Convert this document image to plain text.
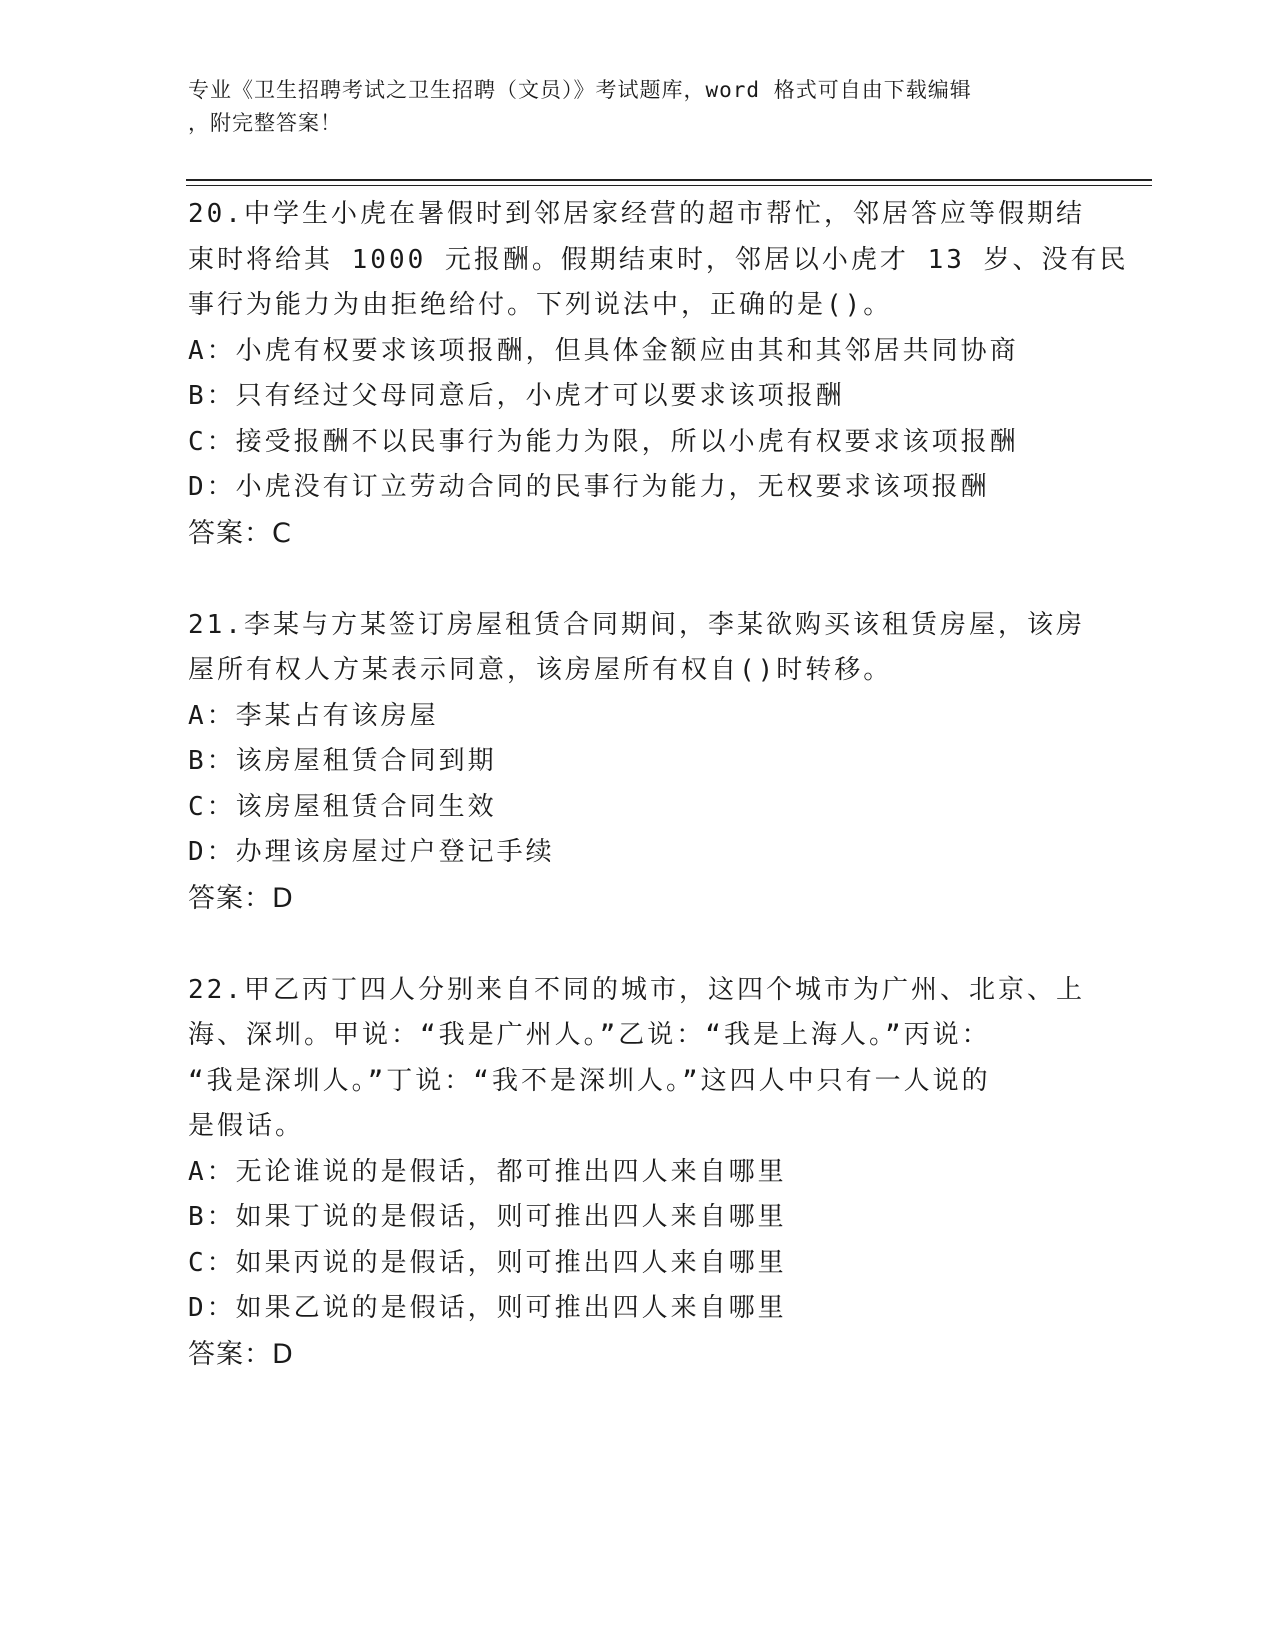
专业《卫生招聘考试之卫生招聘（文员）》考试题库，word 格式可自由下载编辑
，附完整答案！
20.中学生小虎在暑假时到邻居家经营的超市帮忙，邻居答应等假期结
束时将给其 1000 元报酬。假期结束时，邻居以小虎才 13 岁、没有民
事行为能力为由拒绝给付。下列说法中，正确的是()。
A：小虎有权要求该项报酬，但具体金额应由其和其邻居共同协商
B：只有经过父母同意后，小虎才可以要求该项报酬
C：接受报酬不以民事行为能力为限，所以小虎有权要求该项报酬
D：小虎没有订立劳动合同的民事行为能力，无权要求该项报酬
答案：C
21.李某与方某签订房屋租赁合同期间，李某欲购买该租赁房屋，该房
屋所有权人方某表示同意，该房屋所有权自()时转移。
A：李某占有该房屋
B：该房屋租赁合同到期
C：该房屋租赁合同生效
D：办理该房屋过户登记手续
答案：D
22.甲乙丙丁四人分别来自不同的城市，这四个城市为广州、北京、上
海、深圳。甲说：“我是广州人。”乙说：“我是上海人。”丙说：
“我是深圳人。”丁说：“我不是深圳人。”这四人中只有一人说的
是假话。
A：无论谁说的是假话，都可推出四人来自哪里
B：如果丁说的是假话，则可推出四人来自哪里
C：如果丙说的是假话，则可推出四人来自哪里
D：如果乙说的是假话，则可推出四人来自哪里
答案：D
